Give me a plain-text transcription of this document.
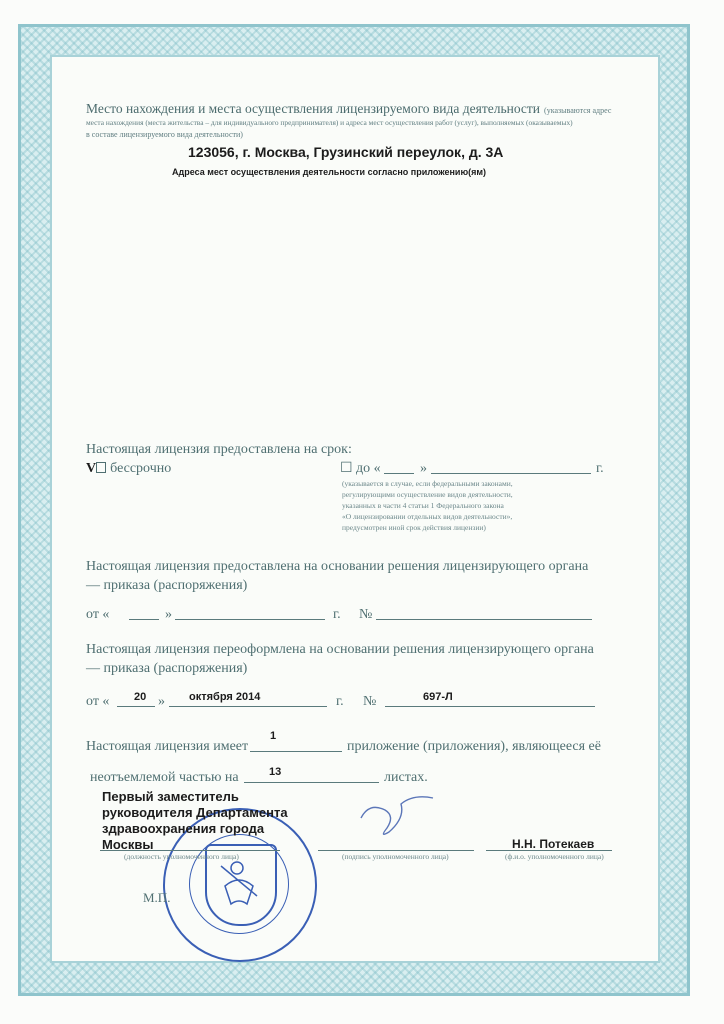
Место нахождения и места осуществления лицензируемого вида деятельности (указываются адрес
места нахождения (места жительства – для индивидуального предпринимателя) и адреса мест осуществления работ (услуг), выполняемых (оказываемых)
в составе лицензируемого вида деятельности)
123056, г. Москва, Грузинский переулок, д. 3А
Адреса мест осуществления деятельности согласно приложению(ям)
Настоящая лицензия предоставлена на срок:
V бессрочно	☐ до «	»	г.
(указывается в случае, если федеральными законами,
регулирующими осуществление видов деятельности,
указанных в части 4 статьи 1 Федерального закона
«О лицензировании отдельных видов деятельности»,
предусмотрен иной срок действия лицензии)
Настоящая лицензия предоставлена на основании решения лицензирующего органа
— приказа (распоряжения)
от «	»	г. №
Настоящая лицензия переоформлена на основании решения лицензирующего органа
— приказа (распоряжения)
от « 20 » октября 2014	г. №	697-Л
1
Настоящая лицензия имеет	приложение (приложения), являющееся её
неотъемлемой частью на	13	листах.
Первый заместитель
руководителя Департамента
здравоохранения города
Москвы
(должность уполномоченного лица)	(подпись уполномоченного лица)
Н.Н. Потекаев
(ф.и.о. уполномоченного лица)
М.П.
